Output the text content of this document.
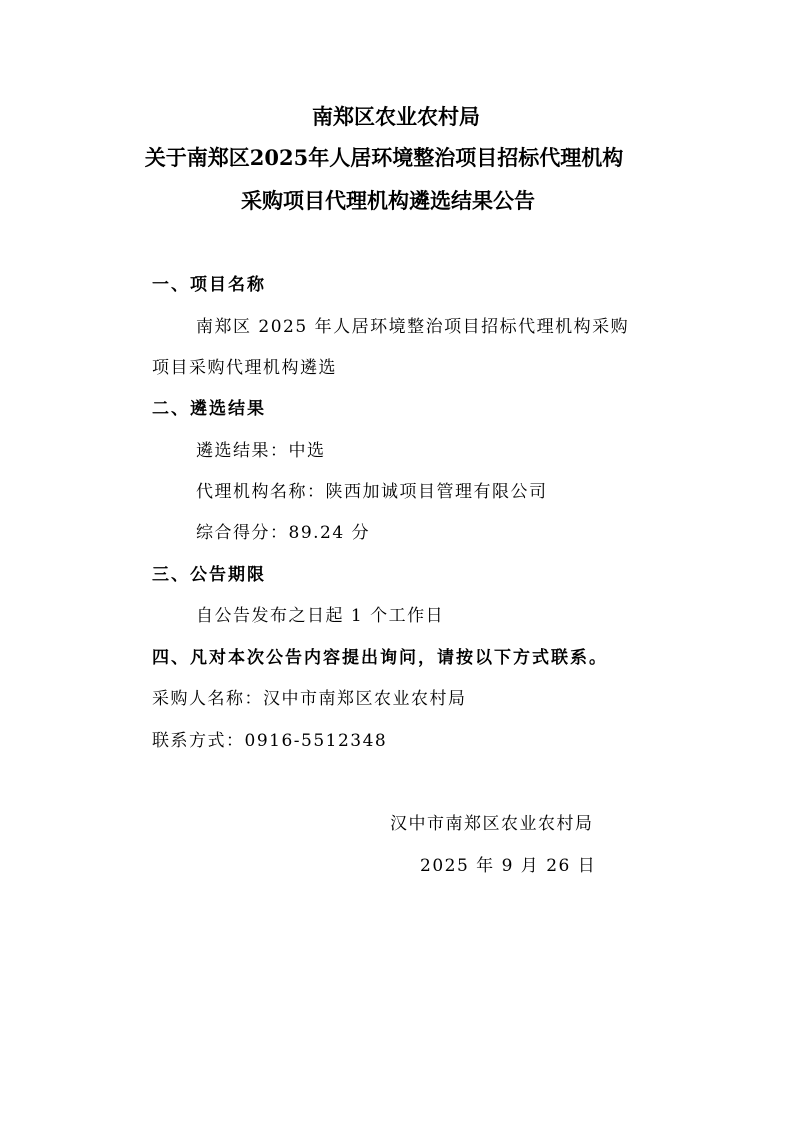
南郑区农业农村局
关于南郑区2025年人居环境整治项目招标代理机构
采购项目代理机构遴选结果公告
一、项目名称
南郑区 2025 年人居环境整治项目招标代理机构采购
项目采购代理机构遴选
二、遴选结果
遴选结果：中选
代理机构名称：陕西加诚项目管理有限公司
综合得分：89.24 分
三、公告期限
自公告发布之日起 1 个工作日
四、凡对本次公告内容提出询问，请按以下方式联系。
采购人名称：汉中市南郑区农业农村局
联系方式：0916-5512348
汉中市南郑区农业农村局
2025 年 9 月 26 日
